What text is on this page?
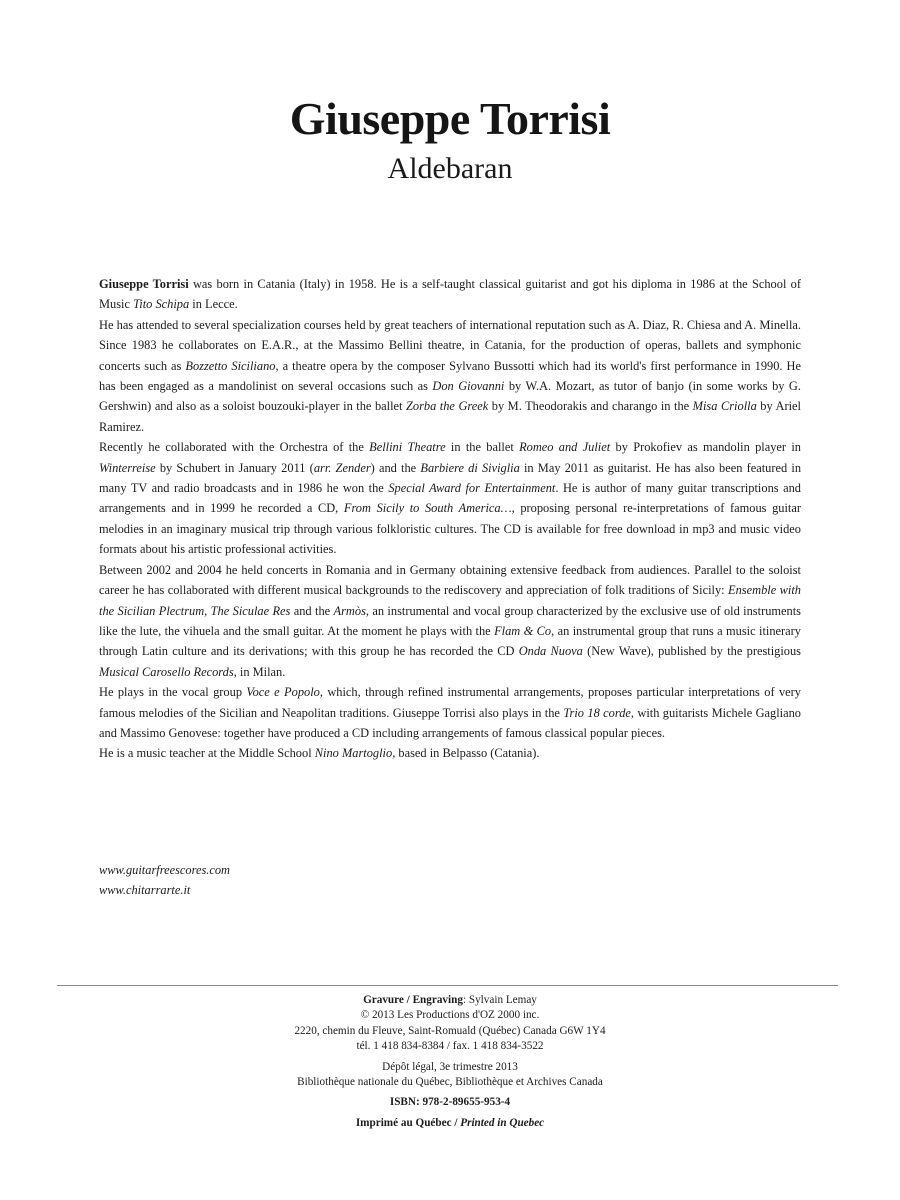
Giuseppe Torrisi
Aldebaran

Giuseppe Torrisi was born in Catania (Italy) in 1958. He is a self-taught classical guitarist and got his diploma in 1986 at the School of Music Tito Schipa in Lecce.

He has attended to several specialization courses held by great teachers of international reputation such as A. Diaz, R. Chiesa and A. Minella. Since 1983 he collaborates on E.A.R., at the Massimo Bellini theatre, in Catania, for the production of operas, ballets and symphonic concerts such as Bozzetto Siciliano, a theatre opera by the composer Sylvano Bussotti which had its world's first performance in 1990. He has been engaged as a mandolinist on several occasions such as Don Giovanni by W.A. Mozart, as tutor of banjo (in some works by G. Gershwin) and also as a soloist bouzouki-player in the ballet Zorba the Greek by M. Theodorakis and charango in the Misa Criolla by Ariel Ramirez.

Recently he collaborated with the Orchestra of the Bellini Theatre in the ballet Romeo and Juliet by Prokofiev as mandolin player in Winterreise by Schubert in January 2011 (arr. Zender) and the Barbiere di Siviglia in May 2011 as guitarist. He has also been featured in many TV and radio broadcasts and in 1986 he won the Special Award for Entertainment. He is author of many guitar transcriptions and arrangements and in 1999 he recorded a CD, From Sicily to South America…, proposing personal re-interpretations of famous guitar melodies in an imaginary musical trip through various folkloristic cultures. The CD is available for free download in mp3 and music video formats about his artistic professional activities.

Between 2002 and 2004 he held concerts in Romania and in Germany obtaining extensive feedback from audiences. Parallel to the soloist career he has collaborated with different musical backgrounds to the rediscovery and appreciation of folk traditions of Sicily: Ensemble with the Sicilian Plectrum, The Siculae Res and the Armòs, an instrumental and vocal group characterized by the exclusive use of old instruments like the lute, the vihuela and the small guitar. At the moment he plays with the Flam & Co, an instrumental group that runs a music itinerary through Latin culture and its derivations; with this group he has recorded the CD Onda Nuova (New Wave), published by the prestigious Musical Carosello Records, in Milan.

He plays in the vocal group Voce e Popolo, which, through refined instrumental arrangements, proposes particular interpretations of very famous melodies of the Sicilian and Neapolitan traditions. Giuseppe Torrisi also plays in the Trio 18 corde, with guitarists Michele Gagliano and Massimo Genovese: together have produced a CD including arrangements of famous classical popular pieces.

He is a music teacher at the Middle School Nino Martoglio, based in Belpasso (Catania).

www.guitarfreescores.com
www.chitarrarte.it
Gravure / Engraving: Sylvain Lemay
© 2013 Les Productions d'OZ 2000 inc.
2220, chemin du Fleuve, Saint-Romuald (Québec) Canada G6W 1Y4
tél. 1 418 834-8384 / fax. 1 418 834-3522
Dépôt légal, 3e trimestre 2013
Bibliothèque nationale du Québec, Bibliothèque et Archives Canada
ISBN: 978-2-89655-953-4
Imprimé au Québec / Printed in Quebec
